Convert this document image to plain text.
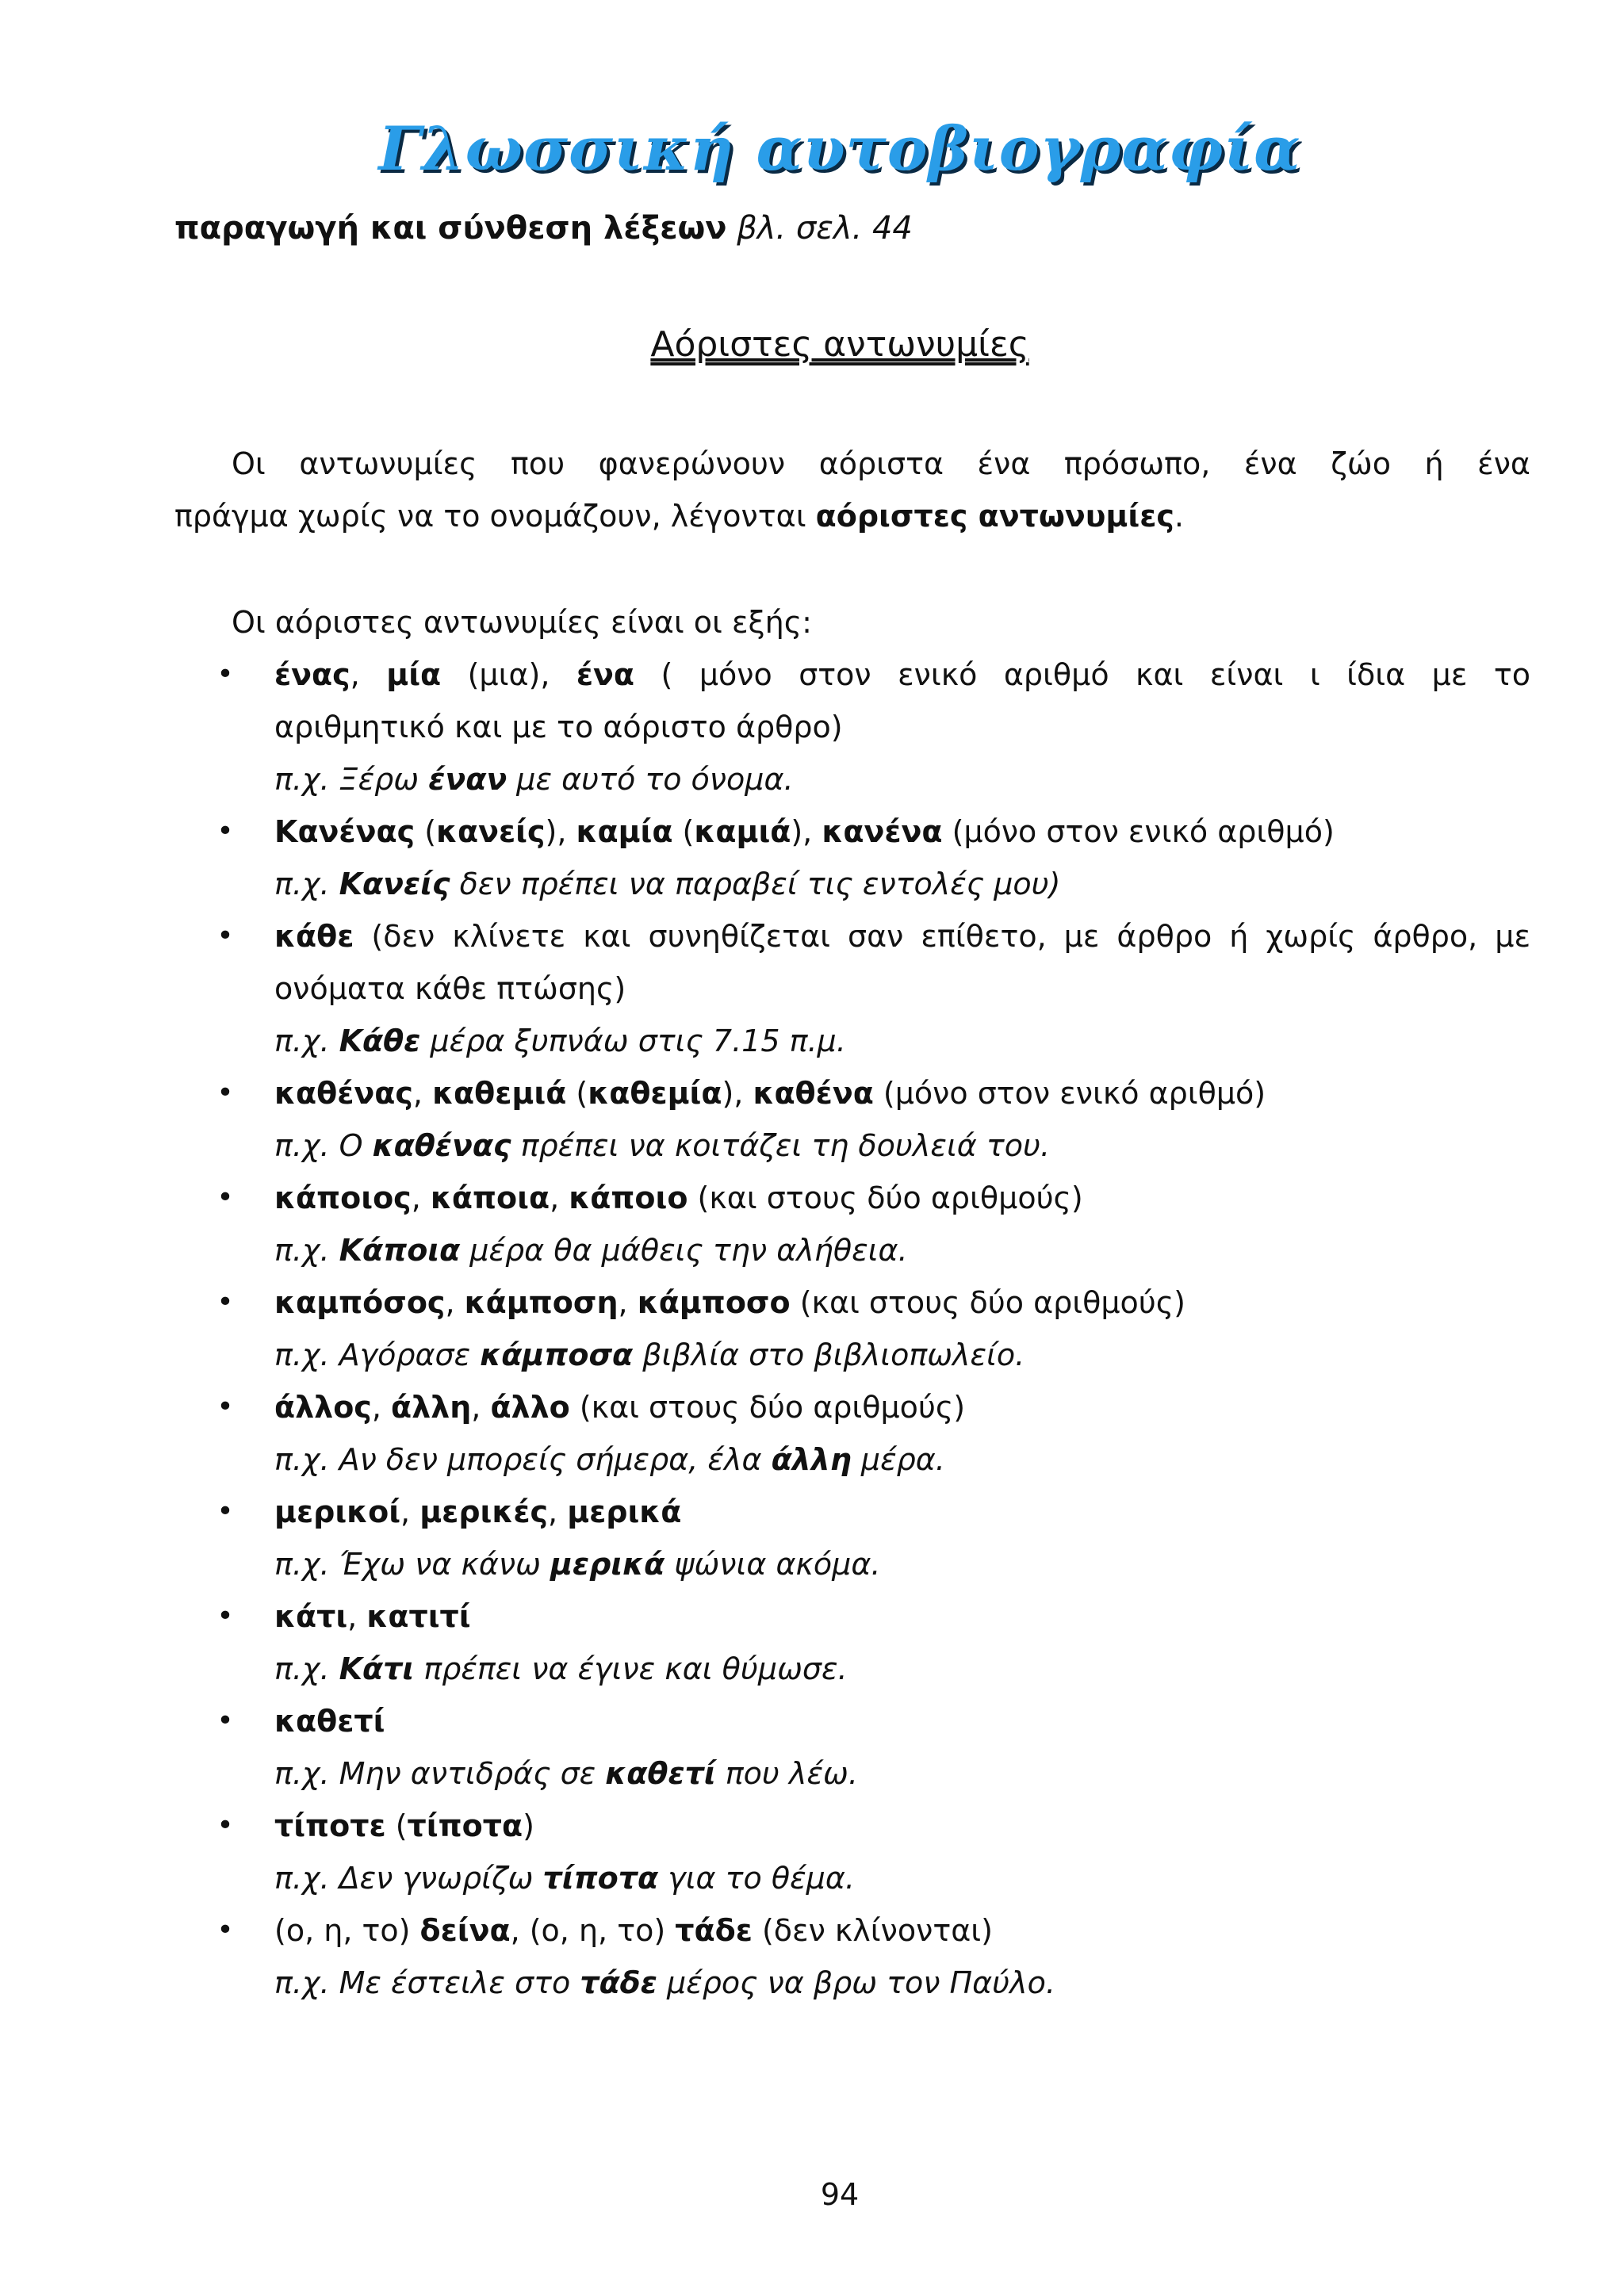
Γλωσσική αυτοβιογραφία
παραγωγή και σύνθεση λέξεων βλ. σελ. 44
Αόριστες αντωνυμίες
Οι αντωνυμίες που φανερώνουν αόριστα ένα πρόσωπο, ένα ζώο ή ένα
πράγμα χωρίς να το ονομάζουν, λέγονται αόριστες αντωνυμίες.
Οι αόριστες αντωνυμίες είναι οι εξής:
• ένας, μία (μια), ένα ( μόνο στον ενικό αριθμό και είναι ι ίδια με το
αριθμητικό και με το αόριστο άρθρο)
π.χ. Ξέρω έναν με αυτό το όνομα.
• Κανένας (κανείς), καμία (καμιά), κανένα (μόνο στον ενικό αριθμό)
π.χ. Κανείς δεν πρέπει να παραβεί τις εντολές μου)
• κάθε (δεν κλίνετε και συνηθίζεται σαν επίθετο, με άρθρο ή χωρίς άρθρο, με
ονόματα κάθε πτώσης)
π.χ. Κάθε μέρα ξυπνάω στις 7.15 π.μ.
• καθένας, καθεμιά (καθεμία), καθένα (μόνο στον ενικό αριθμό)
π.χ. Ο καθένας πρέπει να κοιτάζει τη δουλειά του.
• κάποιος, κάποια, κάποιο (και στους δύο αριθμούς)
π.χ. Κάποια μέρα θα μάθεις την αλήθεια.
• καμπόσος, κάμποση, κάμποσο (και στους δύο αριθμούς)
π.χ. Αγόρασε κάμποσα βιβλία στο βιβλιοπωλείο.
• άλλος, άλλη, άλλο (και στους δύο αριθμούς)
π.χ. Αν δεν μπορείς σήμερα, έλα άλλη μέρα.
• μερικοί, μερικές, μερικά
π.χ. Έχω να κάνω μερικά ψώνια ακόμα.
• κάτι, κατιτί
π.χ. Κάτι πρέπει να έγινε και θύμωσε.
• καθετί
π.χ. Μην αντιδράς σε καθετί που λέω.
• τίποτε (τίποτα)
π.χ. Δεν γνωρίζω τίποτα για το θέμα.
• (ο, η, το) δείνα, (ο, η, το) τάδε (δεν κλίνονται)
π.χ. Με έστειλε στο τάδε μέρος να βρω τον Παύλο.
94
